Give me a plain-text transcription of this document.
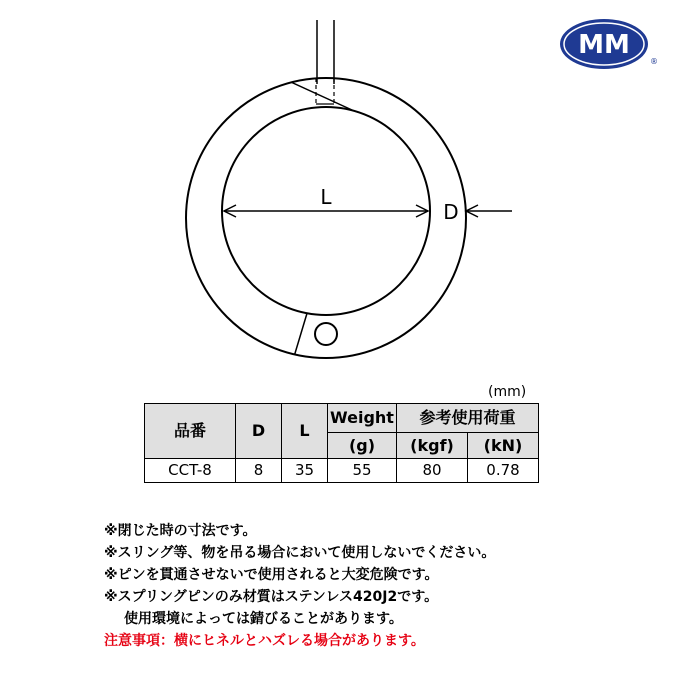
MM
®
L
D
(mm)
品番	D	L	Weight	参考使用荷重	
			(g)	(kgf)	(kN)
CCT-8	8	35	55	80	0.78
※閉じた時の寸法です。
※スリング等、物を吊る場合において使用しないでください。
※ピンを貫通させないで使用されると大変危険です。
※スプリングピンのみ材質はステンレス420J2です。
使用環境によっては錆びることがあります。
注意事項：横にヒネルとハズレる場合があります。
